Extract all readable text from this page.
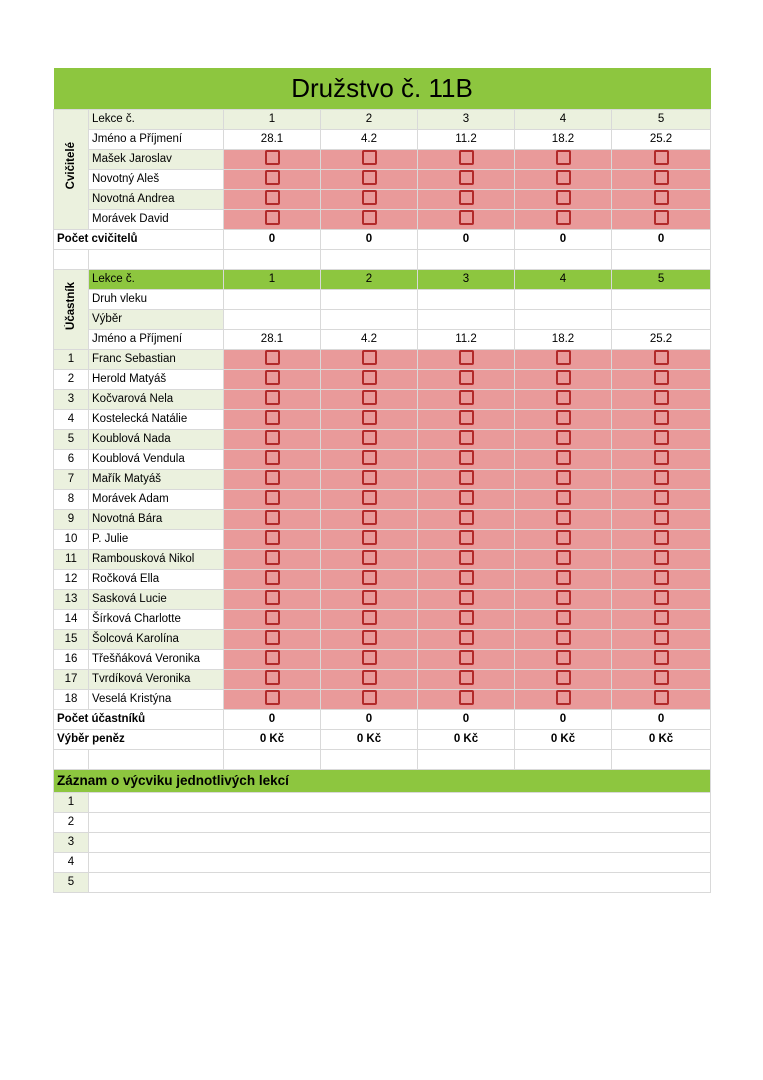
Družstvo č. 11B						
Cvičitelé	Lekce č.	1	2	3	4	5
	Jméno a Příjmení	28.1	4.2	11.2	18.2	25.2
	Mašek Jaroslav					
	Novotný Aleš					
	Novotná Andrea					
	Morávek David					
Počet cvičitelů		0	0	0	0	0

Účastník	Lekce č.	1	2	3	4	5
	Druh vleku					
	Výběr					
	Jméno a Příjmení	28.1	4.2	11.2	18.2	25.2
1	Franc Sebastian					
2	Herold Matyáš					
3	Kočvarová Nela					
4	Kostelecká Natálie					
5	Koublová Nada					
6	Koublová Vendula					
7	Mařík Matyáš					
8	Morávek Adam					
9	Novotná Bára					
10	P. Julie					
11	Rambousková Nikol					
12	Ročková Ella					
13	Sasková Lucie					
14	Šírková Charlotte					
15	Šolcová Karolína					
16	Třešňáková Veronika					
17	Tvrdíková Veronika					
18	Veselá Kristýna					
Počet účastníků		0	0	0	0	0
Výběr peněz		0 Kč	0 Kč	0 Kč	0 Kč	0 Kč

Záznam o výcviku jednotlivých lekcí						
1						
2						
3						
4						
5						
